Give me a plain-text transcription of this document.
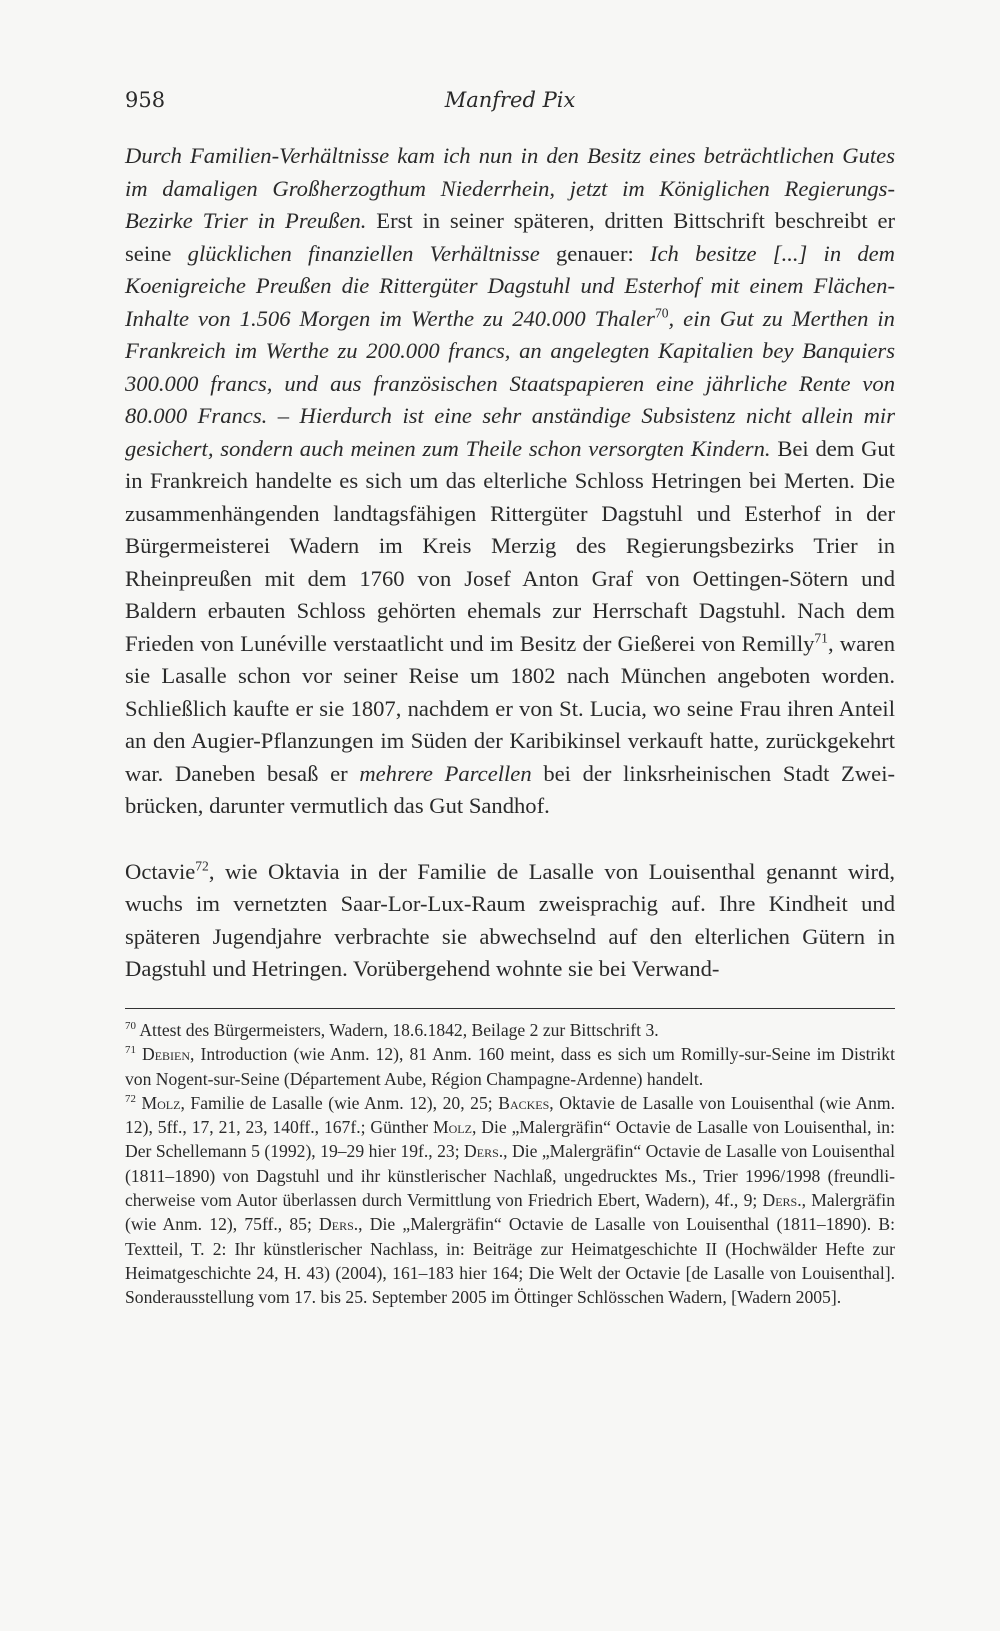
958	Manfred Pix

Durch Familien-Verhältnisse kam ich nun in den Besitz eines beträchtlichen Gutes im damaligen Großherzogthum Niederrhein, jetzt im Königlichen Regierungs-Bezirke Trier in Preußen. Erst in seiner späteren, dritten Bittschrift beschreibt er seine glücklichen finanziellen Verhältnisse genauer: Ich besitze [...] in dem Koenigreiche Preußen die Rittergüter Dagstuhl und Esterhof mit einem Flächen-Inhalte von 1.506 Morgen im Werthe zu 240.000 Thaler$^{70}$, ein Gut zu Merthen in Frankreich im Werthe zu 200.000 francs, an angelegten Kapitalien bey Banquiers 300.000 francs, und aus französischen Staatspapieren eine jährliche Rente von 80.000 Francs. – Hierdurch ist eine sehr anständige Subsistenz nicht allein mir gesichert, sondern auch meinen zum Theile schon versorgten Kindern. Bei dem Gut in Frankreich handelte es sich um das elterliche Schloss Hetringen bei Merten. Die zusammenhängenden landtagsfähigen Rittergüter Dagstuhl und Esterhof in der Bürgermeisterei Wadern im Kreis Merzig des Regierungsbezirks Trier in Rheinpreußen mit dem 1760 von Josef Anton Graf von Oettingen-Sötern und Baldern erbauten Schloss gehörten ehemals zur Herrschaft Dagstuhl. Nach dem Frieden von Lunéville verstaatlicht und im Besitz der Gießerei von Remilly$^{71}$, waren sie Lasalle schon vor seiner Reise um 1802 nach München angeboten worden. Schließlich kaufte er sie 1807, nachdem er von St. Lucia, wo seine Frau ihren Anteil an den Augier-Pflanzungen im Süden der Karibikinsel verkauft hatte, zurückgekehrt war. Daneben besaß er mehrere Parcellen bei der linksrheinischen Stadt Zweibrücken, darunter vermutlich das Gut Sandhof.

Octavie$^{72}$, wie Oktavia in der Familie de Lasalle von Louisenthal genannt wird, wuchs im vernetzten Saar-Lor-Lux-Raum zweisprachig auf. Ihre Kindheit und späteren Jugendjahre verbrachte sie abwechselnd auf den elterlichen Gütern in Dagstuhl und Hetringen. Vorübergehend wohnte sie bei Verwand-

$^{70}$ Attest des Bürgermeisters, Wadern, 18.6.1842, Beilage 2 zur Bittschrift 3.

$^{71}$ Debien, Introduction (wie Anm. 12), 81 Anm. 160 meint, dass es sich um Romilly-sur-Seine im Distrikt von Nogent-sur-Seine (Département Aube, Région Champagne-Ardenne) handelt.

$^{72}$ Molz, Familie de Lasalle (wie Anm. 12), 20, 25; Backes, Oktavie de Lasalle von Louisenthal (wie Anm. 12), 5ff., 17, 21, 23, 140ff., 167f.; Günther Molz, Die „Malergräfin“ Octavie de Lasalle von Louisenthal, in: Der Schellemann 5 (1992), 19–29 hier 19f., 23; Ders., Die „Malergräfin“ Octavie de Lasalle von Louisenthal (1811–1890) von Dagstuhl und ihr künstlerischer Nachlaß, ungedrucktes Ms., Trier 1996/1998 (freundlicherweise vom Autor überlassen durch Vermittlung von Friedrich Ebert, Wadern), 4f., 9; Ders., Malergräfin (wie Anm. 12), 75ff., 85; Ders., Die „Malergräfin“ Octavie de Lasalle von Louisenthal (1811–1890). B: Textteil, T. 2: Ihr künstlerischer Nachlass, in: Beiträge zur Heimatgeschichte II (Hochwälder Hefte zur Heimatgeschichte 24, H. 43) (2004), 161–183 hier 164; Die Welt der Octavie [de Lasalle von Louisenthal]. Sonderausstellung vom 17. bis 25. September 2005 im Öttinger Schlösschen Wadern, [Wadern 2005].
